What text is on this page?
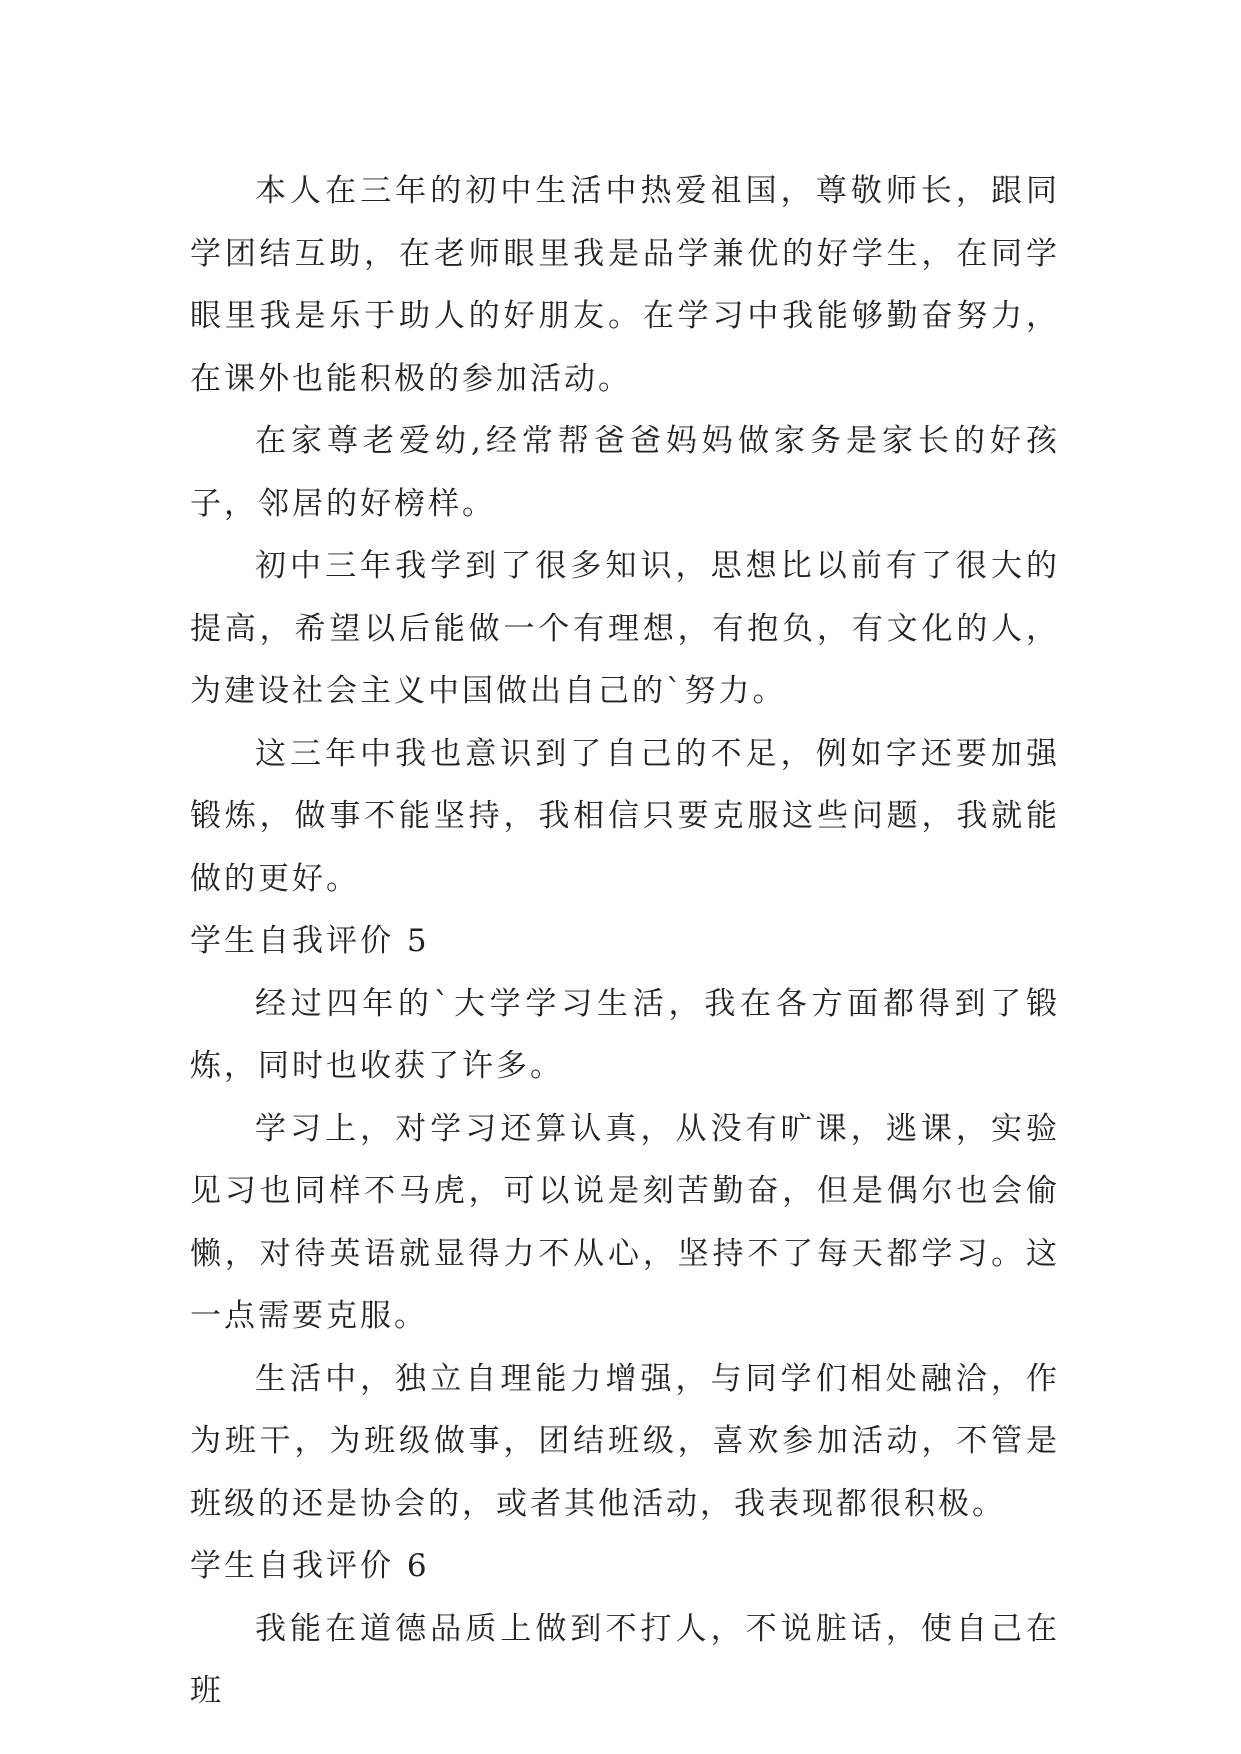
本人在三年的初中生活中热爱祖国，尊敬师长，跟同学团结互助，在老师眼里我是品学兼优的好学生，在同学眼里我是乐于助人的好朋友。在学习中我能够勤奋努力，在课外也能积极的参加活动。

在家尊老爱幼,经常帮爸爸妈妈做家务是家长的好孩子，邻居的好榜样。

初中三年我学到了很多知识，思想比以前有了很大的提高，希望以后能做一个有理想，有抱负，有文化的人，为建设社会主义中国做出自己的`努力。

这三年中我也意识到了自己的不足，例如字还要加强锻炼，做事不能坚持，我相信只要克服这些问题，我就能做的更好。

学生自我评价 5

经过四年的`大学学习生活，我在各方面都得到了锻炼，同时也收获了许多。

学习上，对学习还算认真，从没有旷课，逃课，实验见习也同样不马虎，可以说是刻苦勤奋，但是偶尔也会偷懒，对待英语就显得力不从心，坚持不了每天都学习。这一点需要克服。

生活中，独立自理能力增强，与同学们相处融洽，作为班干，为班级做事，团结班级，喜欢参加活动，不管是班级的还是协会的，或者其他活动，我表现都很积极。

学生自我评价 6

我能在道德品质上做到不打人，不说脏话，使自己在班
